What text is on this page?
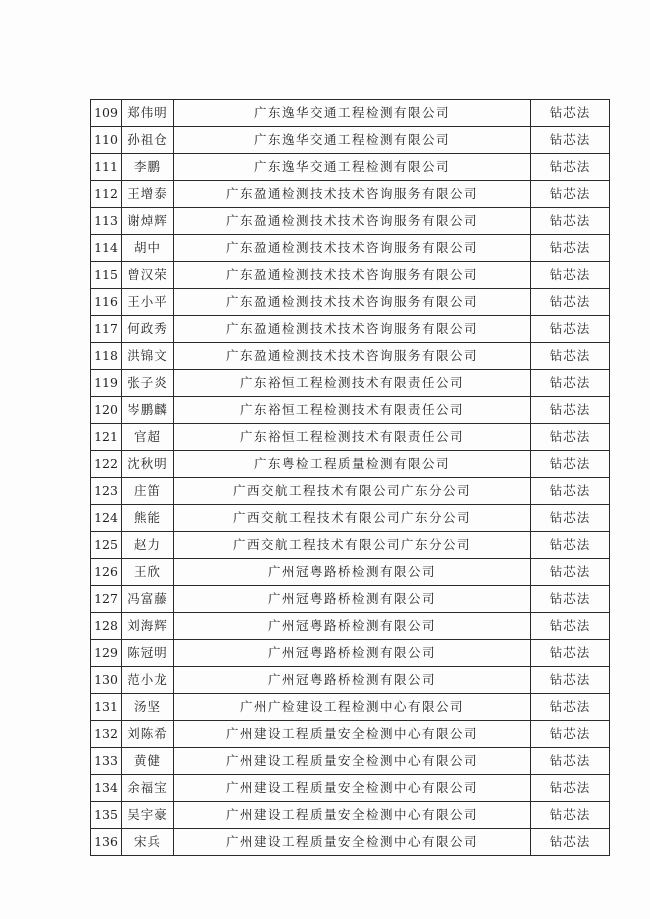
109	郑伟明	广东逸华交通工程检测有限公司	钻芯法
110	孙祖仓	广东逸华交通工程检测有限公司	钻芯法
111	李鹏	广东逸华交通工程检测有限公司	钻芯法
112	王增泰	广东盈通检测技术技术咨询服务有限公司	钻芯法
113	谢焯辉	广东盈通检测技术技术咨询服务有限公司	钻芯法
114	胡中	广东盈通检测技术技术咨询服务有限公司	钻芯法
115	曾汉荣	广东盈通检测技术技术咨询服务有限公司	钻芯法
116	王小平	广东盈通检测技术技术咨询服务有限公司	钻芯法
117	何政秀	广东盈通检测技术技术咨询服务有限公司	钻芯法
118	洪锦文	广东盈通检测技术技术咨询服务有限公司	钻芯法
119	张子炎	广东裕恒工程检测技术有限责任公司	钻芯法
120	岑鹏麟	广东裕恒工程检测技术有限责任公司	钻芯法
121	官超	广东裕恒工程检测技术有限责任公司	钻芯法
122	沈秋明	广东粤检工程质量检测有限公司	钻芯法
123	庄笛	广西交航工程技术有限公司广东分公司	钻芯法
124	熊能	广西交航工程技术有限公司广东分公司	钻芯法
125	赵力	广西交航工程技术有限公司广东分公司	钻芯法
126	王欣	广州冠粤路桥检测有限公司	钻芯法
127	冯富藤	广州冠粤路桥检测有限公司	钻芯法
128	刘海辉	广州冠粤路桥检测有限公司	钻芯法
129	陈冠明	广州冠粤路桥检测有限公司	钻芯法
130	范小龙	广州冠粤路桥检测有限公司	钻芯法
131	汤坚	广州广检建设工程检测中心有限公司	钻芯法
132	刘陈希	广州建设工程质量安全检测中心有限公司	钻芯法
133	黄健	广州建设工程质量安全检测中心有限公司	钻芯法
134	余福宝	广州建设工程质量安全检测中心有限公司	钻芯法
135	吴宇豪	广州建设工程质量安全检测中心有限公司	钻芯法
136	宋兵	广州建设工程质量安全检测中心有限公司	钻芯法
